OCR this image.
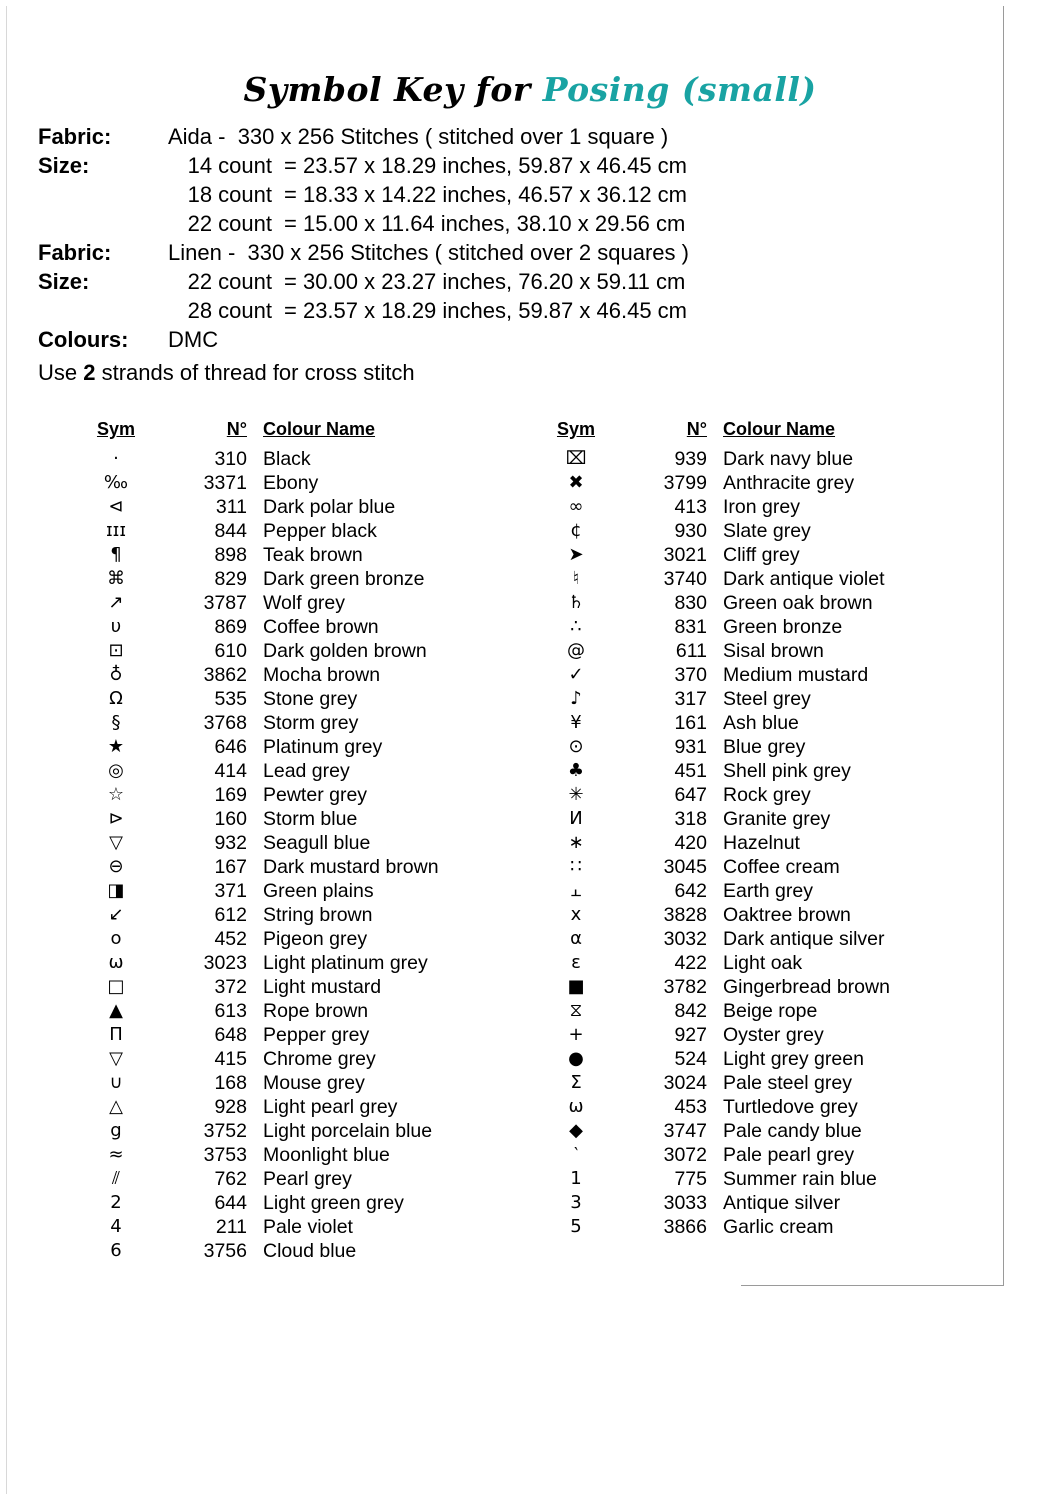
Symbol Key for Posing (small)
Fabric:	Aida -  330 x 256 Stitches ( stitched over 1 square )
Size:	14 count = 23.57 x 18.29 inches, 59.87 x 46.45 cm
18 count = 18.33 x 14.22 inches, 46.57 x 36.12 cm
22 count = 15.00 x 11.64 inches, 38.10 x 29.56 cm
Fabric:	Linen -  330 x 256 Stitches ( stitched over 2 squares )
Size:	22 count = 30.00 x 23.27 inches, 76.20 x 59.11 cm
28 count = 23.57 x 18.29 inches, 59.87 x 46.45 cm
Colours:	DMC
Use 2 strands of thread for cross stitch
Sym	N°	Colour Name
·	310	Black
‰	3371	Ebony
⊲	311	Dark polar blue
ɪɪɪ	844	Pepper black
¶	898	Teak brown
⌘	829	Dark green bronze
↗	3787	Wolf grey
υ	869	Coffee brown
⊡	610	Dark golden brown
♁	3862	Mocha brown
Ω	535	Stone grey
§	3768	Storm grey
★	646	Platinum grey
◎	414	Lead grey
☆	169	Pewter grey
⊳	160	Storm blue
▽	932	Seagull blue
⊖	167	Dark mustard brown
◨	371	Green plains
↙	612	String brown
ο	452	Pigeon grey
ω	3023	Light platinum grey
□	372	Light mustard
▲	613	Rope brown
Π	648	Pepper grey
▽	415	Chrome grey
∪	168	Mouse grey
△	928	Light pearl grey
g	3752	Light porcelain blue
≈	3753	Moonlight blue
⫽	762	Pearl grey
2	644	Light green grey
4	211	Pale violet
6	3756	Cloud blue
Sym	N°	Colour Name
⌧	939	Dark navy blue
✖	3799	Anthracite grey
∞	413	Iron grey
¢	930	Slate grey
➤	3021	Cliff grey
♮	3740	Dark antique violet
♄	830	Green oak brown
∴	831	Green bronze
@	611	Sisal brown
✓	370	Medium mustard
♪	317	Steel grey
¥	161	Ash blue
⊙	931	Blue grey
♣	451	Shell pink grey
✳	647	Rock grey
И	318	Granite grey
∗	420	Hazelnut
∷	3045	Coffee cream
⫠	642	Earth grey
x	3828	Oaktree brown
α	3032	Dark antique silver
ε	422	Light oak
■	3782	Gingerbread brown
⧖	842	Beige rope
+	927	Oyster grey
●	524	Light grey green
Σ	3024	Pale steel grey
ω	453	Turtledove grey
◆	3747	Pale candy blue
‵	3072	Pale pearl grey
1	775	Summer rain blue
3	3033	Antique silver
5	3866	Garlic cream
